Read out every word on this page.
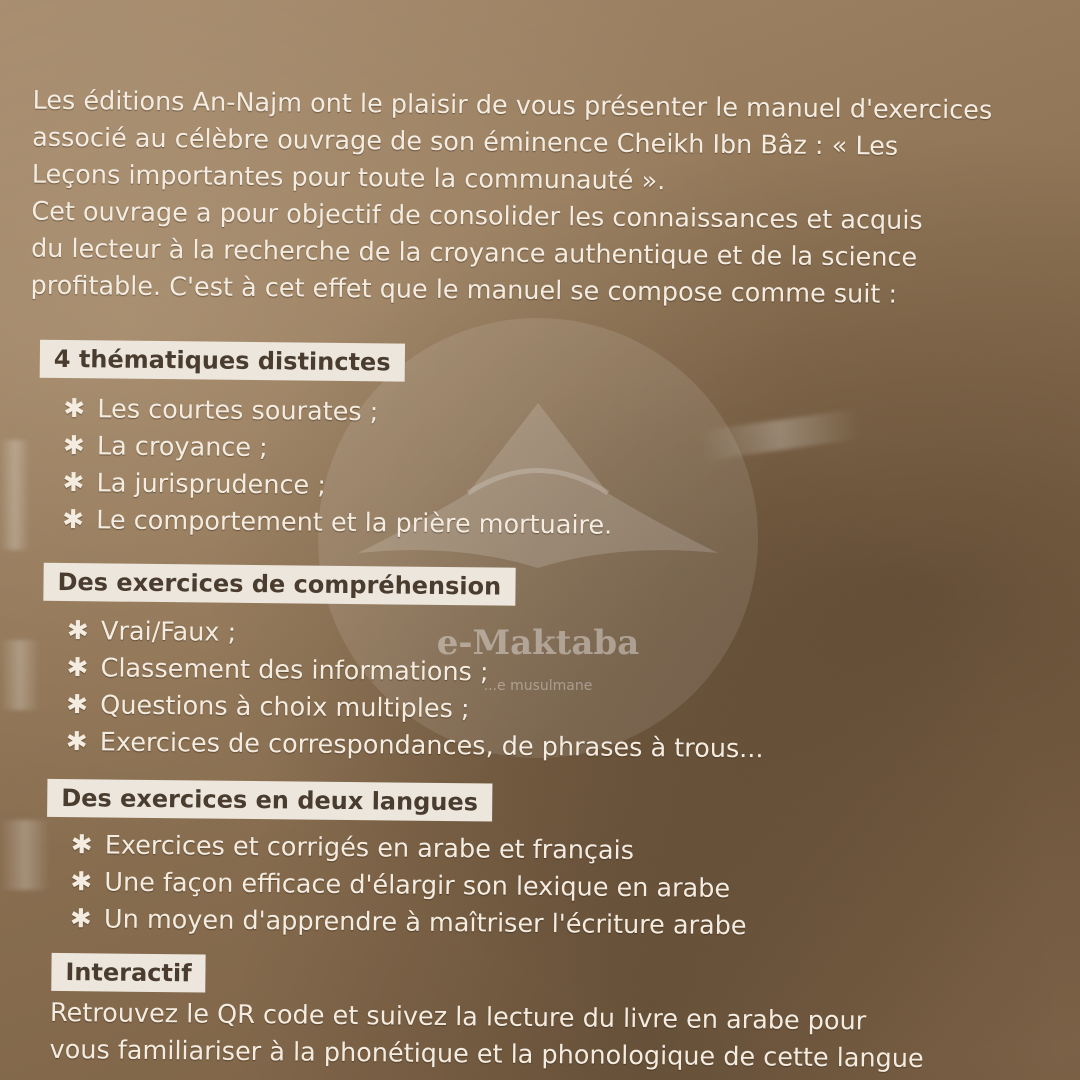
e-Maktaba
...e musulmane

Les éditions An-Najm ont le plaisir de vous présenter le manuel d'exercices
associé au célèbre ouvrage de son éminence Cheikh Ibn Bâz : « Les
Leçons importantes pour toute la communauté ».
Cet ouvrage a pour objectif de consolider les connaissances et acquis
du lecteur à la recherche de la croyance authentique et de la science
profitable. C'est à cet effet que le manuel se compose comme suit :

4 thématiques distinctes
✱ Les courtes sourates ;
✱ La croyance ;
✱ La jurisprudence ;
✱ Le comportement et la prière mortuaire.
Des exercices de compréhension
✱ Vrai/Faux ;
✱ Classement des informations ;
✱ Questions à choix multiples ;
✱ Exercices de correspondances, de phrases à trous...
Des exercices en deux langues
✱ Exercices et corrigés en arabe et français
✱ Une façon efficace d'élargir son lexique en arabe
✱ Un moyen d'apprendre à maîtriser l'écriture arabe
Interactif

Retrouvez le QR code et suivez la lecture du livre en arabe pour
vous familiariser à la phonétique et la phonologique de cette langue
